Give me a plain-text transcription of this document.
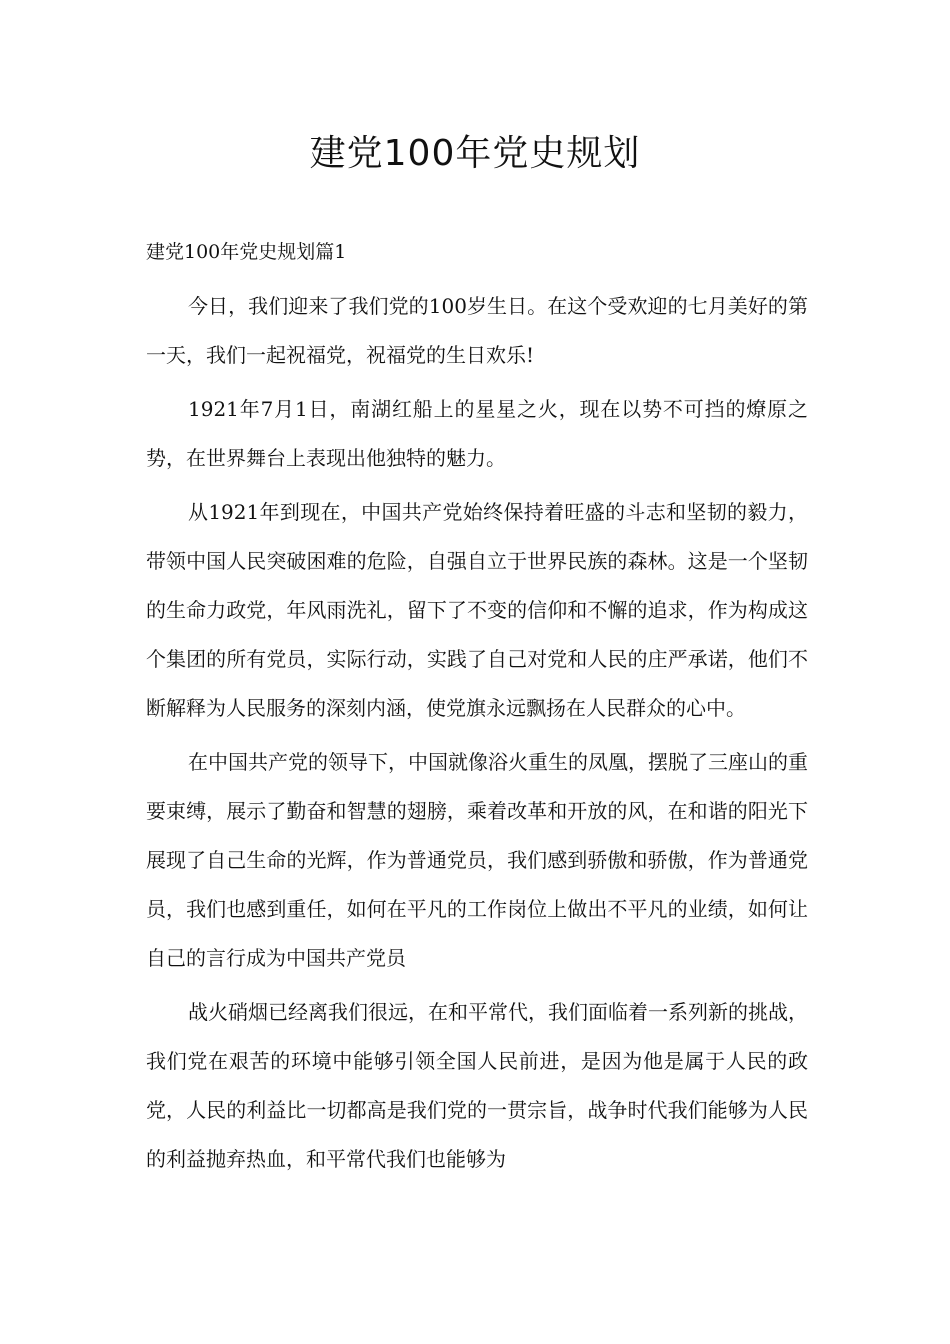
建党100年党史规划

建党100年党史规划篇1

今日，我们迎来了我们党的100岁生日。在这个受欢迎的七月美好的第一天，我们一起祝福党，祝福党的生日欢乐!

1921年7月1日，南湖红船上的星星之火，现在以势不可挡的燎原之势，在世界舞台上表现出他独特的魅力。

从1921年到现在，中国共产党始终保持着旺盛的斗志和坚韧的毅力，带领中国人民突破困难的危险，自强自立于世界民族的森林。这是一个坚韧的生命力政党，年风雨洗礼，留下了不变的信仰和不懈的追求，作为构成这个集团的所有党员，实际行动，实践了自己对党和人民的庄严承诺，他们不断解释为人民服务的深刻内涵，使党旗永远飘扬在人民群众的心中。

在中国共产党的领导下，中国就像浴火重生的凤凰，摆脱了三座山的重要束缚，展示了勤奋和智慧的翅膀，乘着改革和开放的风，在和谐的阳光下展现了自己生命的光辉，作为普通党员，我们感到骄傲和骄傲，作为普通党员，我们也感到重任，如何在平凡的工作岗位上做出不平凡的业绩，如何让自己的言行成为中国共产党员

战火硝烟已经离我们很远，在和平常代，我们面临着一系列新的挑战，我们党在艰苦的环境中能够引领全国人民前进，是因为他是属于人民的政党，人民的利益比一切都高是我们党的一贯宗旨，战争时代我们能够为人民的利益抛弃热血，和平常代我们也能够为
